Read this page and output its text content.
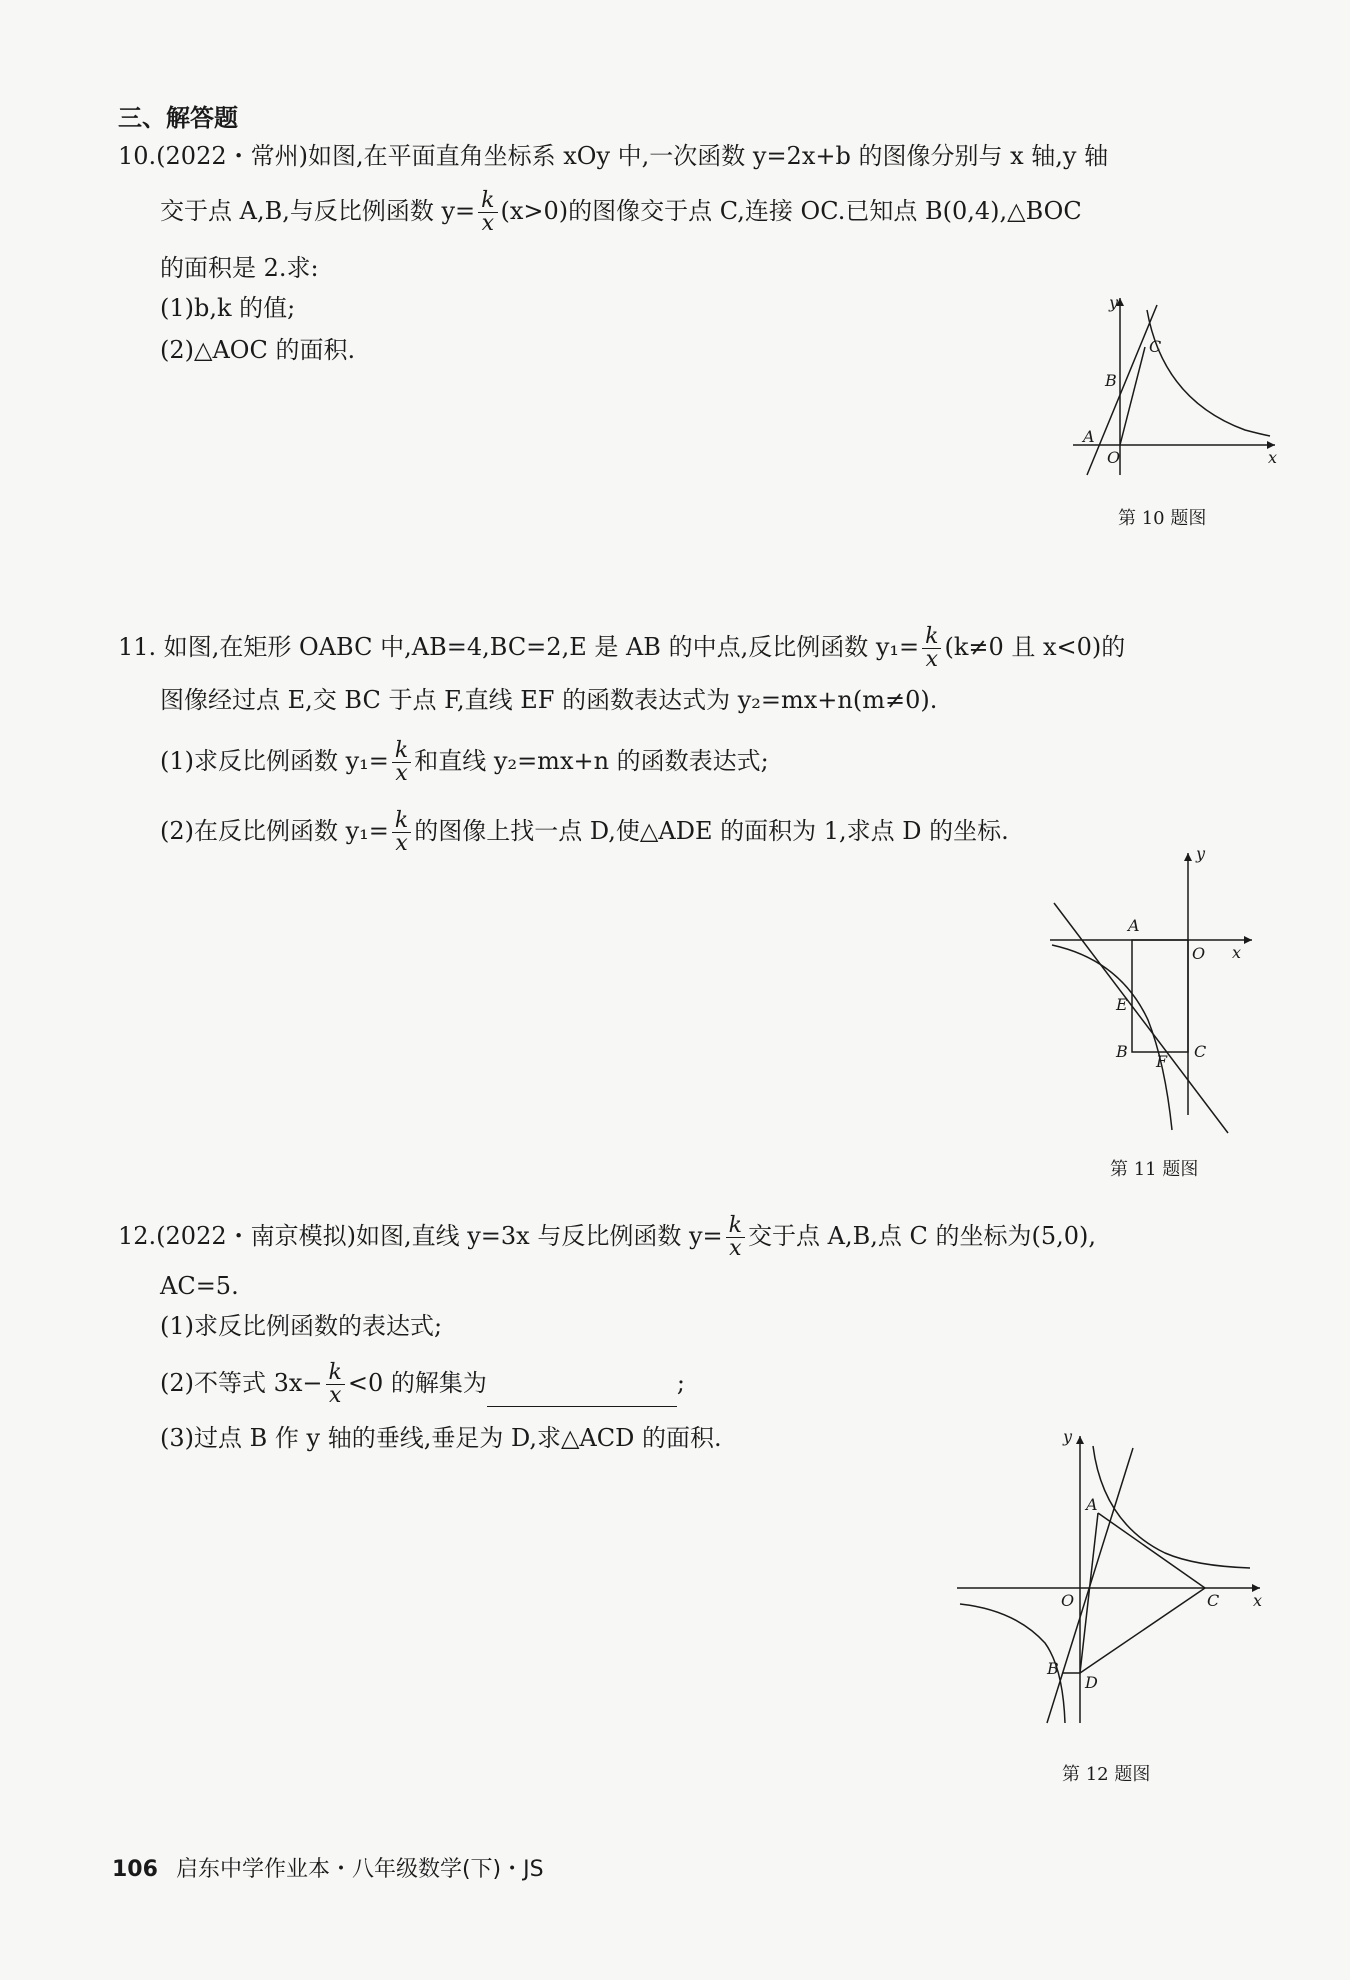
三、解答题
10.(2022・常州)如图,在平面直角坐标系 xOy 中,一次函数 y=2x+b 的图像分别与 x 轴,y 轴
交于点 A,B,与反比例函数 $y= \frac{k}{x} (x>0)$的图像交于点 C,连接 OC.已知点 B(0,4),△BOC
的面积是 2.求:
(1)b,k 的值;
(2)△AOC 的面积.
y
x
O
A
B
C
第 10 题图
11. 如图,在矩形 OABC 中,AB=4,BC=2,E 是 AB 的中点,反比例函数 $y_1= \frac{k}{x} (k\ne 0$ 且 x<0)的
图像经过点 E,交 BC 于点 F,直线 EF 的函数表达式为 y₂=mx+n(m≠0).
(1)求反比例函数 $y_1= \frac{k}{x}$ 和直线 y₂=mx+n 的函数表达式;
(2)在反比例函数 $y_1= \frac{k}{x}$ 的图像上找一点 D,使△ADE 的面积为 1,求点 D 的坐标.
x
y
O
A
B	C
E
F
第 11 题图
12.(2022・南京模拟)如图,直线 y=3x 与反比例函数 $y= \frac{k}{x}$ 交于点 A,B,点 C 的坐标为(5,0),
AC=5.
(1)求反比例函数的表达式;
(2)不等式 $3x- \frac{k}{x} <0$ 的解集为	;
(3)过点 B 作 y 轴的垂线,垂足为 D,求△ACD 的面积.	y
x
O
A
C
B
D
第 12 题图
106 启东中学作业本・八年级数学(下)・JS
